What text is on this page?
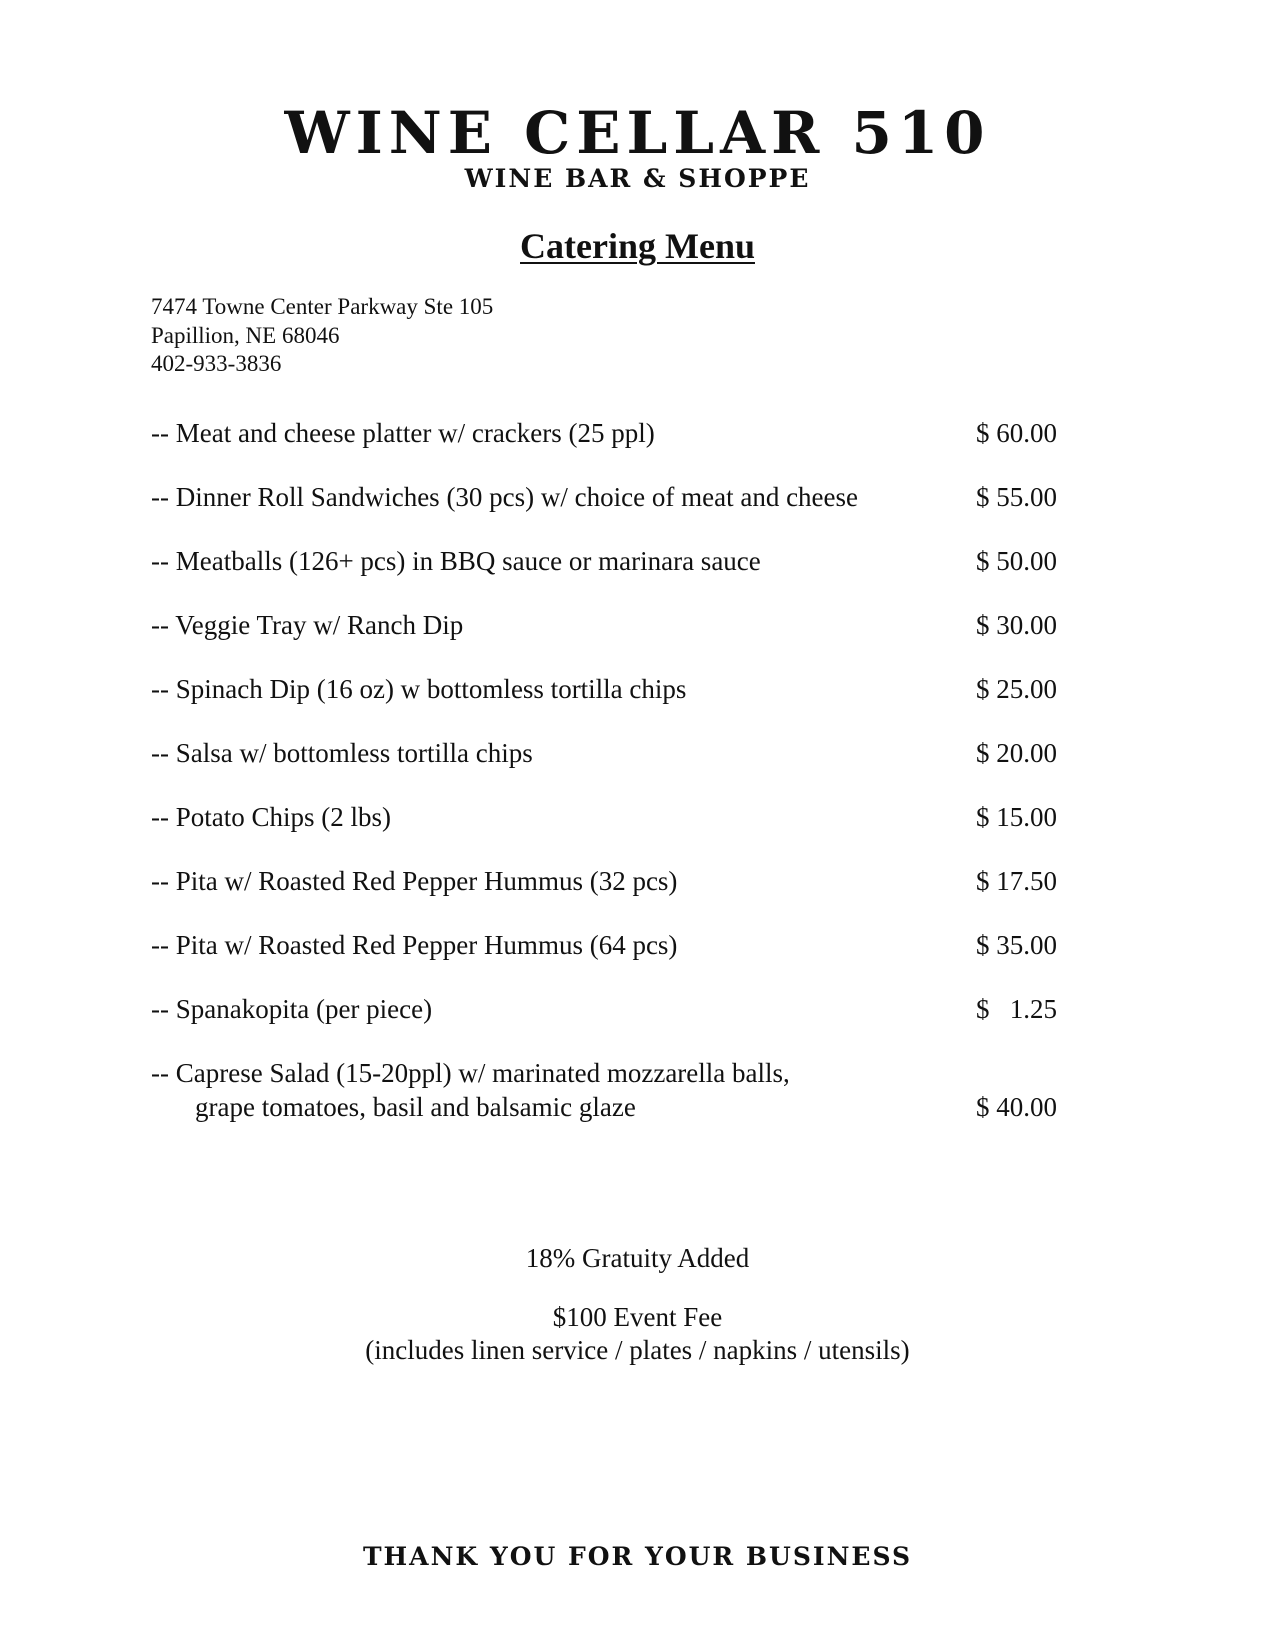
WINE CELLAR 510
WINE BAR & SHOPPE
Catering Menu
7474 Towne Center Parkway Ste 105
Papillion, NE 68046
402-933-3836
-- Meat and cheese platter w/ crackers (25 ppl)	$ 60.00
-- Dinner Roll Sandwiches (30 pcs) w/ choice of meat and cheese	$ 55.00
-- Meatballs (126+ pcs) in BBQ sauce or marinara sauce	$ 50.00
-- Veggie Tray w/ Ranch Dip	$ 30.00
-- Spinach Dip (16 oz) w bottomless tortilla chips	$ 25.00
-- Salsa w/ bottomless tortilla chips	$ 20.00
-- Potato Chips (2 lbs)	$ 15.00
-- Pita w/ Roasted Red Pepper Hummus (32 pcs)	$ 17.50
-- Pita w/ Roasted Red Pepper Hummus (64 pcs)	$ 35.00
-- Spanakopita (per piece)	$   1.25
-- Caprese Salad (15-20ppl) w/ marinated mozzarella balls,
grape tomatoes, basil and balsamic glaze	$ 40.00
18% Gratuity Added
$100 Event Fee
(includes linen service / plates / napkins / utensils)
THANK YOU FOR YOUR BUSINESS
